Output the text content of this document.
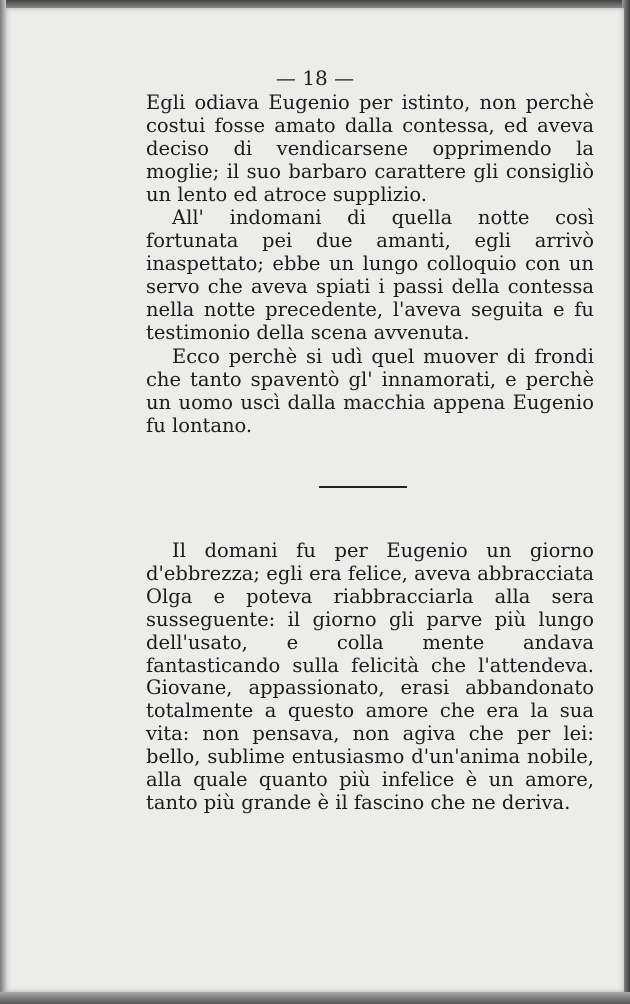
— 18 —

Egli odiava Eugenio per istinto, non perchè costui fosse amato dalla contessa, ed aveva deciso di vendicarsene opprimendo la moglie; il suo barbaro carattere gli consigliò un lento ed atroce supplizio.

All' indomani di quella notte così fortunata pei due amanti, egli arrivò inaspettato; ebbe un lungo colloquio con un servo che aveva spiati i passi della contessa nella notte precedente, l'aveva seguita e fu testimonio della scena avvenuta.

Ecco perchè si udì quel muover di frondi che tanto spaventò gl' innamorati, e perchè un uomo uscì dalla macchia appena Eugenio fu lontano.

Il domani fu per Eugenio un giorno d'ebbrezza; egli era felice, aveva abbracciata Olga e poteva riabbracciarla alla sera susseguente: il giorno gli parve più lungo dell'usato, e colla mente andava fantasticando sulla felicità che l'attendeva. Giovane, appassionato, erasi abbandonato totalmente a questo amore che era la sua vita: non pensava, non agiva che per lei: bello, sublime entusiasmo d'un'anima nobile, alla quale quanto più infelice è un amore, tanto più grande è il fascino che ne deriva.
